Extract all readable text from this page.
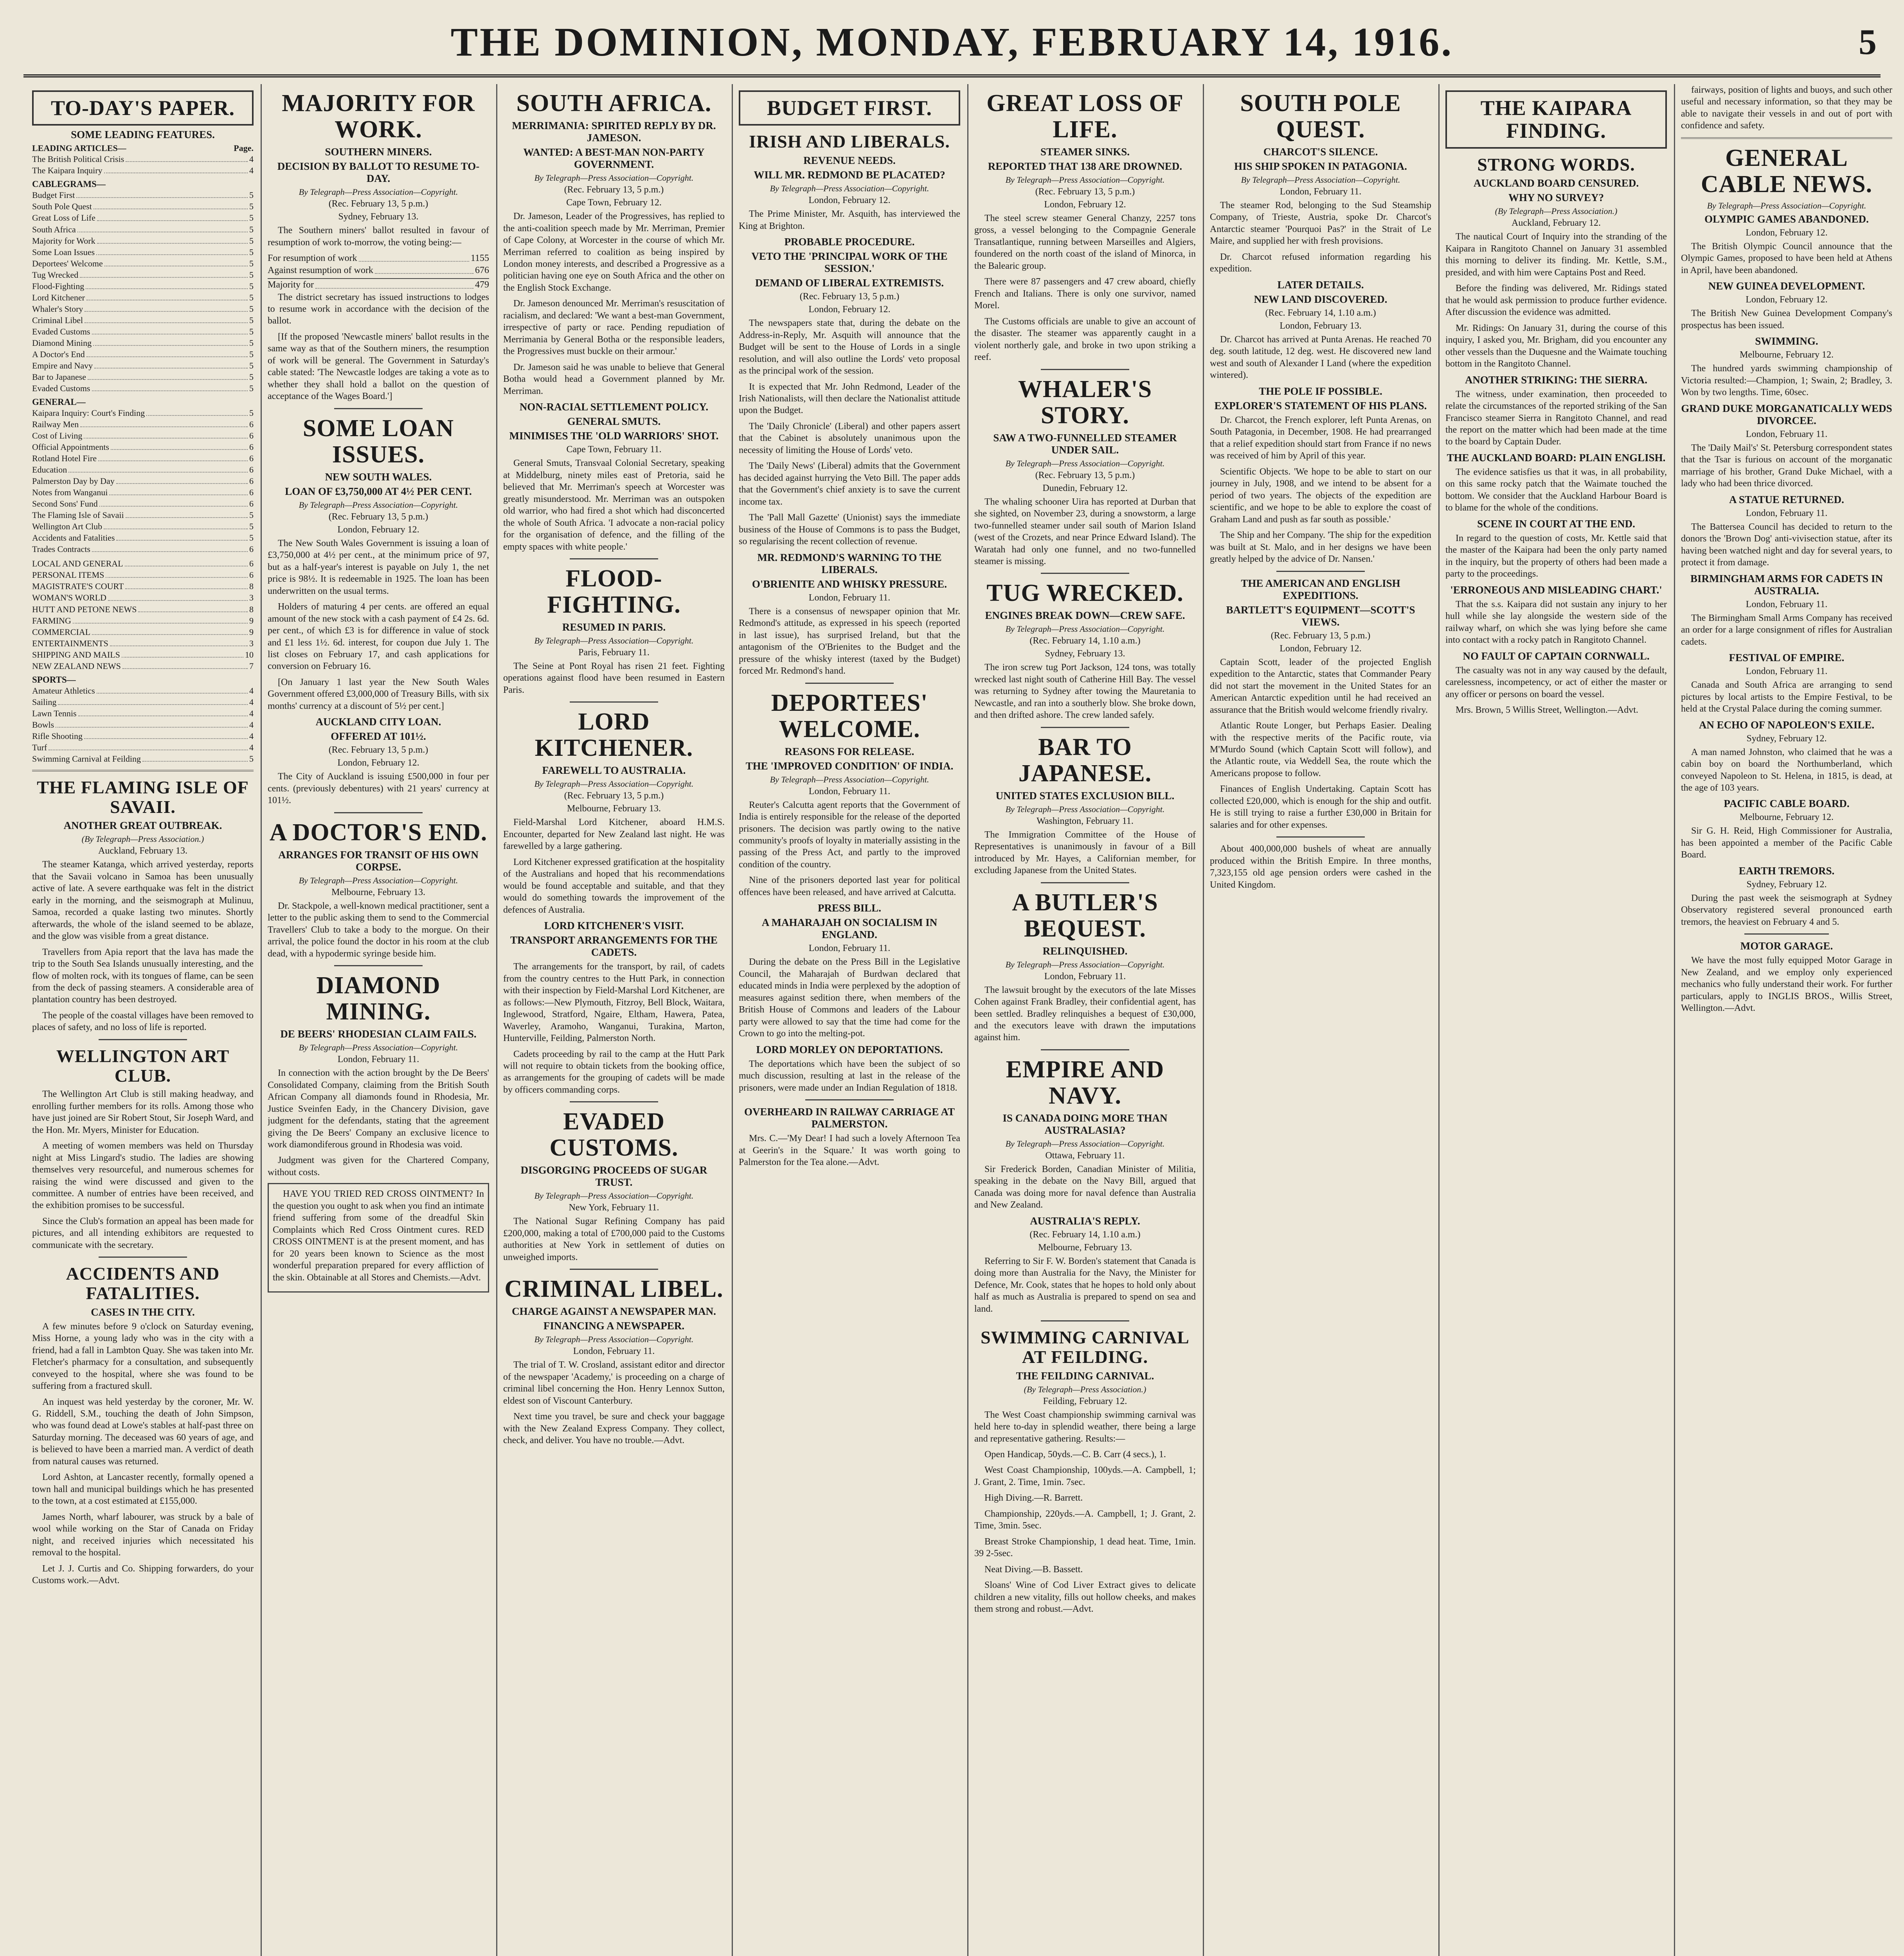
THE DOMINION, MONDAY, FEBRUARY 14, 1916.	5
TO-DAY'S PAPER.
SOME LEADING FEATURES.
LEADING ARTICLES—	Page.
The British Political Crisis	4
The Kaipara Inquiry	4
CABLEGRAMS—
Budget First	5
South Pole Quest	5
Great Loss of Life	5
South Africa	5
Majority for Work	5
Some Loan Issues	5
Deportees' Welcome	5
Tug Wrecked	5
Flood-Fighting	5
Lord Kitchener	5
Whaler's Story	5
Criminal Libel	5
Evaded Customs	5
Diamond Mining	5
A Doctor's End	5
Empire and Navy	5
Bar to Japanese	5
Evaded Customs	5
GENERAL—
Kaipara Inquiry: Court's Finding	5
Railway Men	6
Cost of Living	6
Official Appointments	6
Rotland Hotel Fire	6
Education	6
Palmerston Day by Day	6
Notes from Wanganui	6
Second Sons' Fund	6
The Flaming Isle of Savaii	5
Wellington Art Club	5
Accidents and Fatalities	5
Trades Contracts	6
LOCAL AND GENERAL	6
PERSONAL ITEMS	6
MAGISTRATE'S COURT	8
WOMAN'S WORLD	3
HUTT AND PETONE NEWS	8
FARMING	9
COMMERCIAL	9
ENTERTAINMENTS	3
SHIPPING AND MAILS	10
NEW ZEALAND NEWS	7
SPORTS—
Amateur Athletics	4
Sailing	4
Lawn Tennis	4
Bowls	4
Rifle Shooting	4
Turf	4
Swimming Carnival at Feilding	5
THE FLAMING ISLE OF SAVAII.
ANOTHER GREAT OUTBREAK.
(By Telegraph—Press Association.)
Auckland, February 13.

The steamer Katanga, which arrived yesterday, reports that the Savaii volcano in Samoa has been unusually active of late. A severe earthquake was felt in the district early in the morning, and the seismograph at Mulinuu, Samoa, recorded a quake lasting two minutes. Shortly afterwards, the whole of the island seemed to be ablaze, and the glow was visible from a great distance.

Travellers from Apia report that the lava has made the trip to the South Sea Islands unusually interesting, and the flow of molten rock, with its tongues of flame, can be seen from the deck of passing steamers. A considerable area of plantation country has been destroyed.

The people of the coastal villages have been removed to places of safety, and no loss of life is reported.

WELLINGTON ART CLUB.

The Wellington Art Club is still making headway, and enrolling further members for its rolls. Among those who have just joined are Sir Robert Stout, Sir Joseph Ward, and the Hon. Mr. Myers, Minister for Education.

A meeting of women members was held on Thursday night at Miss Lingard's studio. The ladies are showing themselves very resourceful, and numerous schemes for raising the wind were discussed and given to the committee. A number of entries have been received, and the exhibition promises to be successful.

Since the Club's formation an appeal has been made for pictures, and all intending exhibitors are requested to communicate with the secretary.

ACCIDENTS AND FATALITIES.
CASES IN THE CITY.

A few minutes before 9 o'clock on Saturday evening, Miss Horne, a young lady who was in the city with a friend, had a fall in Lambton Quay. She was taken into Mr. Fletcher's pharmacy for a consultation, and subsequently conveyed to the hospital, where she was found to be suffering from a fractured skull.

An inquest was held yesterday by the coroner, Mr. W. G. Riddell, S.M., touching the death of John Simpson, who was found dead at Lowe's stables at half-past three on Saturday morning. The deceased was 60 years of age, and is believed to have been a married man. A verdict of death from natural causes was returned.

Lord Ashton, at Lancaster recently, formally opened a town hall and municipal buildings which he has presented to the town, at a cost estimated at £155,000.

James North, wharf labourer, was struck by a bale of wool while working on the Star of Canada on Friday night, and received injuries which necessitated his removal to the hospital.

Let J. J. Curtis and Co. Shipping forwarders, do your Customs work.—Advt.

MAJORITY FOR WORK.
SOUTHERN MINERS.
DECISION BY BALLOT TO RESUME TO-DAY.
By Telegraph—Press Association—Copyright.
(Rec. February 13, 5 p.m.)
Sydney, February 13.

The Southern miners' ballot resulted in favour of resumption of work to-morrow, the voting being:—

For resumption of work	1155
Against resumption of work	676
Majority for	479

The district secretary has issued instructions to lodges to resume work in accordance with the decision of the ballot.

[If the proposed 'Newcastle miners' ballot results in the same way as that of the Southern miners, the resumption of work will be general. The Government in Saturday's cable stated: 'The Newcastle lodges are taking a vote as to whether they shall hold a ballot on the question of acceptance of the Wages Board.']

SOME LOAN ISSUES.
NEW SOUTH WALES.
LOAN OF £3,750,000 AT 4½ PER CENT.
By Telegraph—Press Association—Copyright.
(Rec. February 13, 5 p.m.)
London, February 12.

The New South Wales Government is issuing a loan of £3,750,000 at 4½ per cent., at the minimum price of 97, but as a half-year's interest is payable on July 1, the net price is 98½. It is redeemable in 1925. The loan has been underwritten on the usual terms.

Holders of maturing 4 per cents. are offered an equal amount of the new stock with a cash payment of £4 2s. 6d. per cent., of which £3 is for difference in value of stock and £1 less 1½. 6d. interest, for coupon due July 1. The list closes on February 17, and cash applications for conversion on February 16.

[On January 1 last year the New South Wales Government offered £3,000,000 of Treasury Bills, with six months' currency at a discount of 5½ per cent.]

AUCKLAND CITY LOAN.
OFFERED AT 101½.
(Rec. February 13, 5 p.m.)
London, February 12.

The City of Auckland is issuing £500,000 in four per cents. (previously debentures) with 21 years' currency at 101½.

A DOCTOR'S END.
ARRANGES FOR TRANSIT OF HIS OWN CORPSE.
By Telegraph—Press Association—Copyright.
Melbourne, February 13.

Dr. Stackpole, a well-known medical practitioner, sent a letter to the public asking them to send to the Commercial Travellers' Club to take a body to the morgue. On their arrival, the police found the doctor in his room at the club dead, with a hypodermic syringe beside him.

DIAMOND MINING.
DE BEERS' RHODESIAN CLAIM FAILS.
By Telegraph—Press Association—Copyright.
London, February 11.

In connection with the action brought by the De Beers' Consolidated Company, claiming from the British South African Company all diamonds found in Rhodesia, Mr. Justice Sveinfen Eady, in the Chancery Division, gave judgment for the defendants, stating that the agreement giving the De Beers' Company an exclusive licence to work diamondiferous ground in Rhodesia was void.

Judgment was given for the Chartered Company, without costs.

HAVE YOU TRIED RED CROSS OINTMENT? In the question you ought to ask when you find an intimate friend suffering from some of the dreadful Skin Complaints which Red Cross Ointment cures. RED CROSS OINTMENT is at the present moment, and has for 20 years been known to Science as the most wonderful preparation prepared for every affliction of the skin. Obtainable at all Stores and Chemists.—Advt.

SOUTH AFRICA.
MERRIMANIA: SPIRITED REPLY BY DR. JAMESON.
WANTED: A BEST-MAN NON-PARTY GOVERNMENT.
By Telegraph—Press Association—Copyright.
(Rec. February 13, 5 p.m.)
Cape Town, February 12.

Dr. Jameson, Leader of the Progressives, has replied to the anti-coalition speech made by Mr. Merriman, Premier of Cape Colony, at Worcester in the course of which Mr. Merriman referred to coalition as being inspired by London money interests, and described a Progressive as a politician having one eye on South Africa and the other on the English Stock Exchange.

Dr. Jameson denounced Mr. Merriman's resuscitation of racialism, and declared: 'We want a best-man Government, irrespective of party or race. Pending repudiation of Merrimania by General Botha or the responsible leaders, the Progressives must buckle on their armour.'

Dr. Jameson said he was unable to believe that General Botha would head a Government planned by Mr. Merriman.

NON-RACIAL SETTLEMENT POLICY.
GENERAL SMUTS.
MINIMISES THE 'OLD WARRIORS' SHOT.
Cape Town, February 11.

General Smuts, Transvaal Colonial Secretary, speaking at Middelburg, ninety miles east of Pretoria, said he believed that Mr. Merriman's speech at Worcester was greatly misunderstood. Mr. Merriman was an outspoken old warrior, who had fired a shot which had disconcerted the whole of South Africa. 'I advocate a non-racial policy for the organisation of defence, and the filling of the empty spaces with white people.'

FLOOD-FIGHTING.
RESUMED IN PARIS.
By Telegraph—Press Association—Copyright.
Paris, February 11.

The Seine at Pont Royal has risen 21 feet. Fighting operations against flood have been resumed in Eastern Paris.

LORD KITCHENER.
FAREWELL TO AUSTRALIA.
By Telegraph—Press Association—Copyright.
(Rec. February 13, 5 p.m.)
Melbourne, February 13.

Field-Marshal Lord Kitchener, aboard H.M.S. Encounter, departed for New Zealand last night. He was farewelled by a large gathering.

Lord Kitchener expressed gratification at the hospitality of the Australians and hoped that his recommendations would be found acceptable and suitable, and that they would do something towards the improvement of the defences of Australia.

LORD KITCHENER'S VISIT.
TRANSPORT ARRANGEMENTS FOR THE CADETS.

The arrangements for the transport, by rail, of cadets from the country centres to the Hutt Park, in connection with their inspection by Field-Marshal Lord Kitchener, are as follows:—New Plymouth, Fitzroy, Bell Block, Waitara, Inglewood, Stratford, Ngaire, Eltham, Hawera, Patea, Waverley, Aramoho, Wanganui, Turakina, Marton, Hunterville, Feilding, Palmerston North.

Cadets proceeding by rail to the camp at the Hutt Park will not require to obtain tickets from the booking office, as arrangements for the grouping of cadets will be made by officers commanding corps.

EVADED CUSTOMS.
DISGORGING PROCEEDS OF SUGAR TRUST.
By Telegraph—Press Association—Copyright.
New York, February 11.

The National Sugar Refining Company has paid £200,000, making a total of £700,000 paid to the Customs authorities at New York in settlement of duties on unweighed imports.

CRIMINAL LIBEL.
CHARGE AGAINST A NEWSPAPER MAN.
FINANCING A NEWSPAPER.
By Telegraph—Press Association—Copyright.
London, February 11.

The trial of T. W. Crosland, assistant editor and director of the newspaper 'Academy,' is proceeding on a charge of criminal libel concerning the Hon. Henry Lennox Sutton, eldest son of Viscount Canterbury.

Next time you travel, be sure and check your baggage with the New Zealand Express Company. They collect, check, and deliver. You have no trouble.—Advt.

BUDGET FIRST.
IRISH AND LIBERALS.
REVENUE NEEDS.
WILL MR. REDMOND BE PLACATED?
By Telegraph—Press Association—Copyright.
London, February 12.

The Prime Minister, Mr. Asquith, has interviewed the King at Brighton.

PROBABLE PROCEDURE.
VETO THE 'PRINCIPAL WORK OF THE SESSION.'
DEMAND OF LIBERAL EXTREMISTS.
(Rec. February 13, 5 p.m.)
London, February 12.

The newspapers state that, during the debate on the Address-in-Reply, Mr. Asquith will announce that the Budget will be sent to the House of Lords in a single resolution, and will also outline the Lords' veto proposal as the principal work of the session.

It is expected that Mr. John Redmond, Leader of the Irish Nationalists, will then declare the Nationalist attitude upon the Budget.

The 'Daily Chronicle' (Liberal) and other papers assert that the Cabinet is absolutely unanimous upon the necessity of limiting the House of Lords' veto.

The 'Daily News' (Liberal) admits that the Government has decided against hurrying the Veto Bill. The paper adds that the Government's chief anxiety is to save the current income tax.

The 'Pall Mall Gazette' (Unionist) says the immediate business of the House of Commons is to pass the Budget, so regularising the recent collection of revenue.

MR. REDMOND'S WARNING TO THE LIBERALS.
O'BRIENITE AND WHISKY PRESSURE.
London, February 11.

There is a consensus of newspaper opinion that Mr. Redmond's attitude, as expressed in his speech (reported in last issue), has surprised Ireland, but that the antagonism of the O'Brienites to the Budget and the pressure of the whisky interest (taxed by the Budget) forced Mr. Redmond's hand.

DEPORTEES' WELCOME.
REASONS FOR RELEASE.
THE 'IMPROVED CONDITION' OF INDIA.
By Telegraph—Press Association—Copyright.
London, February 11.

Reuter's Calcutta agent reports that the Government of India is entirely responsible for the release of the deported prisoners. The decision was partly owing to the native community's proofs of loyalty in materially assisting in the passing of the Press Act, and partly to the improved condition of the country.

Nine of the prisoners deported last year for political offences have been released, and have arrived at Calcutta.

PRESS BILL.
A MAHARAJAH ON SOCIALISM IN ENGLAND.
London, February 11.

During the debate on the Press Bill in the Legislative Council, the Maharajah of Burdwan declared that educated minds in India were perplexed by the adoption of measures against sedition there, when members of the British House of Commons and leaders of the Labour party were allowed to say that the time had come for the Crown to go into the melting-pot.

LORD MORLEY ON DEPORTATIONS.

The deportations which have been the subject of so much discussion, resulting at last in the release of the prisoners, were made under an Indian Regulation of 1818.

OVERHEARD IN RAILWAY CARRIAGE AT PALMERSTON.

Mrs. C.—'My Dear! I had such a lovely Afternoon Tea at Geerin's in the Square.' It was worth going to Palmerston for the Tea alone.—Advt.

GREAT LOSS OF LIFE.
STEAMER SINKS.
REPORTED THAT 138 ARE DROWNED.
By Telegraph—Press Association—Copyright.
(Rec. February 13, 5 p.m.)
London, February 12.

The steel screw steamer General Chanzy, 2257 tons gross, a vessel belonging to the Compagnie Generale Transatlantique, running between Marseilles and Algiers, foundered on the north coast of the island of Minorca, in the Balearic group.

There were 87 passengers and 47 crew aboard, chiefly French and Italians. There is only one survivor, named Morel.

The Customs officials are unable to give an account of the disaster. The steamer was apparently caught in a violent northerly gale, and broke in two upon striking a reef.

WHALER'S STORY.
SAW A TWO-FUNNELLED STEAMER UNDER SAIL.
By Telegraph—Press Association—Copyright.
(Rec. February 13, 5 p.m.)
Dunedin, February 12.

The whaling schooner Uira has reported at Durban that she sighted, on November 23, during a snowstorm, a large two-funnelled steamer under sail south of Marion Island (west of the Crozets, and near Prince Edward Island). The Waratah had only one funnel, and no two-funnelled steamer is missing.

TUG WRECKED.
ENGINES BREAK DOWN—CREW SAFE.
By Telegraph—Press Association—Copyright.
(Rec. February 14, 1.10 a.m.)
Sydney, February 13.

The iron screw tug Port Jackson, 124 tons, was totally wrecked last night south of Catherine Hill Bay. The vessel was returning to Sydney after towing the Mauretania to Newcastle, and ran into a southerly blow. She broke down, and then drifted ashore. The crew landed safely.

BAR TO JAPANESE.
UNITED STATES EXCLUSION BILL.
By Telegraph—Press Association—Copyright.
Washington, February 11.

The Immigration Committee of the House of Representatives is unanimously in favour of a Bill introduced by Mr. Hayes, a Californian member, for excluding Japanese from the United States.

A BUTLER'S BEQUEST.
RELINQUISHED.
By Telegraph—Press Association—Copyright.
London, February 11.

The lawsuit brought by the executors of the late Misses Cohen against Frank Bradley, their confidential agent, has been settled. Bradley relinquishes a bequest of £30,000, and the executors leave with drawn the imputations against him.

EMPIRE AND NAVY.
IS CANADA DOING MORE THAN AUSTRALASIA?
By Telegraph—Press Association—Copyright.
Ottawa, February 11.

Sir Frederick Borden, Canadian Minister of Militia, speaking in the debate on the Navy Bill, argued that Canada was doing more for naval defence than Australia and New Zealand.

AUSTRALIA'S REPLY.
(Rec. February 14, 1.10 a.m.)
Melbourne, February 13.

Referring to Sir F. W. Borden's statement that Canada is doing more than Australia for the Navy, the Minister for Defence, Mr. Cook, states that he hopes to hold only about half as much as Australia is prepared to spend on sea and land.

SWIMMING CARNIVAL AT FEILDING.
THE FEILDING CARNIVAL.
(By Telegraph—Press Association.)
Feilding, February 12.

The West Coast championship swimming carnival was held here to-day in splendid weather, there being a large and representative gathering. Results:—

Open Handicap, 50yds.—C. B. Carr (4 secs.), 1.

West Coast Championship, 100yds.—A. Campbell, 1; J. Grant, 2. Time, 1min. 7sec.

High Diving.—R. Barrett.

Championship, 220yds.—A. Campbell, 1; J. Grant, 2. Time, 3min. 5sec.

Breast Stroke Championship, 1 dead heat. Time, 1min. 39 2-5sec.

Neat Diving.—B. Bassett.

Sloans' Wine of Cod Liver Extract gives to delicate children a new vitality, fills out hollow cheeks, and makes them strong and robust.—Advt.

SOUTH POLE QUEST.
CHARCOT'S SILENCE.
HIS SHIP SPOKEN IN PATAGONIA.
By Telegraph—Press Association—Copyright.
London, February 11.

The steamer Rod, belonging to the Sud Steamship Company, of Trieste, Austria, spoke Dr. Charcot's Antarctic steamer 'Pourquoi Pas?' in the Strait of Le Maire, and supplied her with fresh provisions.

Dr. Charcot refused information regarding his expedition.

LATER DETAILS.
NEW LAND DISCOVERED.
(Rec. February 14, 1.10 a.m.)
London, February 13.

Dr. Charcot has arrived at Punta Arenas. He reached 70 deg. south latitude, 12 deg. west. He discovered new land west and south of Alexander I Land (where the expedition wintered).

THE POLE IF POSSIBLE.
EXPLORER'S STATEMENT OF HIS PLANS.

Dr. Charcot, the French explorer, left Punta Arenas, on South Patagonia, in December, 1908. He had prearranged that a relief expedition should start from France if no news was received of him by April of this year.

Scientific Objects. 'We hope to be able to start on our journey in July, 1908, and we intend to be absent for a period of two years. The objects of the expedition are scientific, and we hope to be able to explore the coast of Graham Land and push as far south as possible.'

The Ship and her Company. 'The ship for the expedition was built at St. Malo, and in her designs we have been greatly helped by the advice of Dr. Nansen.'

THE AMERICAN AND ENGLISH EXPEDITIONS.
BARTLETT'S EQUIPMENT—SCOTT'S VIEWS.
(Rec. February 13, 5 p.m.)
London, February 12.

Captain Scott, leader of the projected English expedition to the Antarctic, states that Commander Peary did not start the movement in the United States for an American Antarctic expedition until he had received an assurance that the British would welcome friendly rivalry.

Atlantic Route Longer, but Perhaps Easier. Dealing with the respective merits of the Pacific route, via M'Murdo Sound (which Captain Scott will follow), and the Atlantic route, via Weddell Sea, the route which the Americans propose to follow.

Finances of English Undertaking. Captain Scott has collected £20,000, which is enough for the ship and outfit. He is still trying to raise a further £30,000 in Britain for salaries and for other expenses.

About 400,000,000 bushels of wheat are annually produced within the British Empire. In three months, 7,323,155 old age pension orders were cashed in the United Kingdom.

THE KAIPARA FINDING.
STRONG WORDS.
AUCKLAND BOARD CENSURED.
WHY NO SURVEY?
(By Telegraph—Press Association.)
Auckland, February 12.

The nautical Court of Inquiry into the stranding of the Kaipara in Rangitoto Channel on January 31 assembled this morning to deliver its finding. Mr. Kettle, S.M., presided, and with him were Captains Post and Reed.

Before the finding was delivered, Mr. Ridings stated that he would ask permission to produce further evidence. After discussion the evidence was admitted.

Mr. Ridings: On January 31, during the course of this inquiry, I asked you, Mr. Brigham, did you encounter any other vessels than the Duquesne and the Waimate touching bottom in the Rangitoto Channel.

ANOTHER STRIKING: THE SIERRA.

The witness, under examination, then proceeded to relate the circumstances of the reported striking of the San Francisco steamer Sierra in Rangitoto Channel, and read the report on the matter which had been made at the time to the board by Captain Duder.

THE AUCKLAND BOARD: PLAIN ENGLISH.

The evidence satisfies us that it was, in all probability, on this same rocky patch that the Waimate touched the bottom. We consider that the Auckland Harbour Board is to blame for the whole of the conditions.

SCENE IN COURT AT THE END.

In regard to the question of costs, Mr. Kettle said that the master of the Kaipara had been the only party named in the inquiry, but the property of others had been made a party to the proceedings.

'ERRONEOUS AND MISLEADING CHART.'

That the s.s. Kaipara did not sustain any injury to her hull while she lay alongside the western side of the railway wharf, on which she was lying before she came into contact with a rocky patch in Rangitoto Channel.

NO FAULT OF CAPTAIN CORNWALL.

The casualty was not in any way caused by the default, carelessness, incompetency, or act of either the master or any officer or persons on board the vessel.

Mrs. Brown, 5 Willis Street, Wellington.—Advt.

fairways, position of lights and buoys, and such other useful and necessary information, so that they may be able to navigate their vessels in and out of port with confidence and safety.

GENERAL CABLE NEWS.
By Telegraph—Press Association—Copyright.
OLYMPIC GAMES ABANDONED.
London, February 12.

The British Olympic Council announce that the Olympic Games, proposed to have been held at Athens in April, have been abandoned.

NEW GUINEA DEVELOPMENT.
London, February 12.

The British New Guinea Development Company's prospectus has been issued.

SWIMMING.
Melbourne, February 12.

The hundred yards swimming championship of Victoria resulted:—Champion, 1; Swain, 2; Bradley, 3. Won by two lengths. Time, 60sec.

GRAND DUKE MORGANATICALLY WEDS DIVORCEE.
London, February 11.

The 'Daily Mail's' St. Petersburg correspondent states that the Tsar is furious on account of the morganatic marriage of his brother, Grand Duke Michael, with a lady who had been thrice divorced.

A STATUE RETURNED.
London, February 11.

The Battersea Council has decided to return to the donors the 'Brown Dog' anti-vivisection statue, after its having been watched night and day for several years, to protect it from damage.

BIRMINGHAM ARMS FOR CADETS IN AUSTRALIA.
London, February 11.

The Birmingham Small Arms Company has received an order for a large consignment of rifles for Australian cadets.

FESTIVAL OF EMPIRE.
London, February 11.

Canada and South Africa are arranging to send pictures by local artists to the Empire Festival, to be held at the Crystal Palace during the coming summer.

AN ECHO OF NAPOLEON'S EXILE.
Sydney, February 12.

A man named Johnston, who claimed that he was a cabin boy on board the Northumberland, which conveyed Napoleon to St. Helena, in 1815, is dead, at the age of 103 years.

PACIFIC CABLE BOARD.
Melbourne, February 12.

Sir G. H. Reid, High Commissioner for Australia, has been appointed a member of the Pacific Cable Board.

EARTH TREMORS.
Sydney, February 12.

During the past week the seismograph at Sydney Observatory registered several pronounced earth tremors, the heaviest on February 4 and 5.

MOTOR GARAGE.

We have the most fully equipped Motor Garage in New Zealand, and we employ only experienced mechanics who fully understand their work. For further particulars, apply to INGLIS BROS., Willis Street, Wellington.—Advt.
